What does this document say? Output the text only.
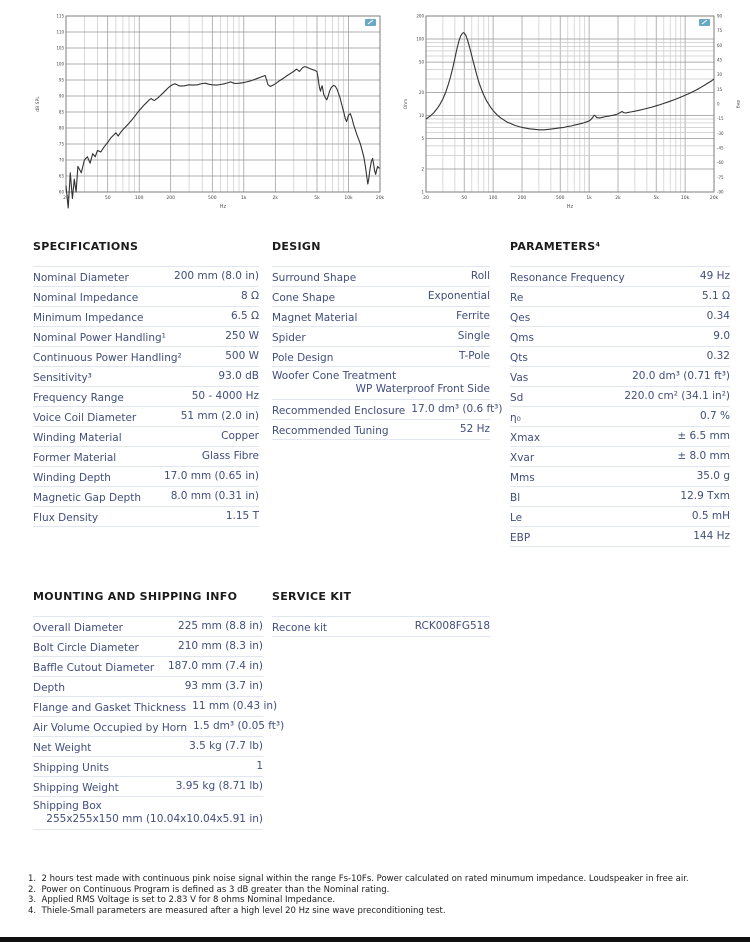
20	50	100	200	500	1k	2k	5k	10k	20k
60
65
70
75
80
85
90
95
100
105
110
115
Hz
dB SPL
20	50	100	200	500	1k	2k	5k	10k	20k
1
2
5
10
20
50
100
200	90
75
60
45
30
15
0
-15
-30
-45
-60
-75
-90
Hz
Ohm	deg
SPECIFICATIONS
Nominal Diameter	200 mm (8.0 in)
Nominal Impedance	8 Ω
Minimum Impedance	6.5 Ω
Nominal Power Handling¹	250 W
Continuous Power Handling²	500 W
Sensitivity³	93.0 dB
Frequency Range	50 - 4000 Hz
Voice Coil Diameter	51 mm (2.0 in)
Winding Material	Copper
Former Material	Glass Fibre
Winding Depth	17.0 mm (0.65 in)
Magnetic Gap Depth	8.0 mm (0.31 in)
Flux Density	1.15 T
DESIGN
Surround Shape	Roll
Cone Shape	Exponential
Magnet Material	Ferrite
Spider	Single
Pole Design	T-Pole
Woofer Cone Treatment
WP Waterproof Front Side
Recommended Enclosure 17.0 dm³ (0.6 ft³)
Recommended Tuning	52 Hz
PARAMETERS⁴
Resonance Frequency	49 Hz
Re	5.1 Ω
Qes	0.34
Qms	9.0
Qts	0.32
Vas	20.0 dm³ (0.71 ft³)
Sd	220.0 cm² (34.1 in²)
η₀	0.7 %
Xmax	± 6.5 mm
Xvar	± 8.0 mm
Mms	35.0 g
Bl	12.9 Txm
Le	0.5 mH
EBP	144 Hz
MOUNTING AND SHIPPING INFO
Overall Diameter	225 mm (8.8 in)
Bolt Circle Diameter	210 mm (8.3 in)
Baffle Cutout Diameter 187.0 mm (7.4 in)
Depth	93 mm (3.7 in)
Flange and Gasket Thickness 11 mm (0.43 in)
Air Volume Occupied by Horn 1.5 dm³ (0.05 ft³)
Net Weight	3.5 kg (7.7 lb)
Shipping Units	1
Shipping Weight	3.95 kg (8.71 lb)
Shipping Box
255x255x150 mm (10.04x10.04x5.91 in)
SERVICE KIT
Recone kit	RCK008FG518
1.  2 hours test made with continuous pink noise signal within the range Fs-10Fs. Power calculated on rated minumum impedance. Loudspeaker in free air.
2.  Power on Continuous Program is defined as 3 dB greater than the Nominal rating.
3.  Applied RMS Voltage is set to 2.83 V for 8 ohms Nominal Impedance.
4.  Thiele-Small parameters are measured after a high level 20 Hz sine wave preconditioning test.
